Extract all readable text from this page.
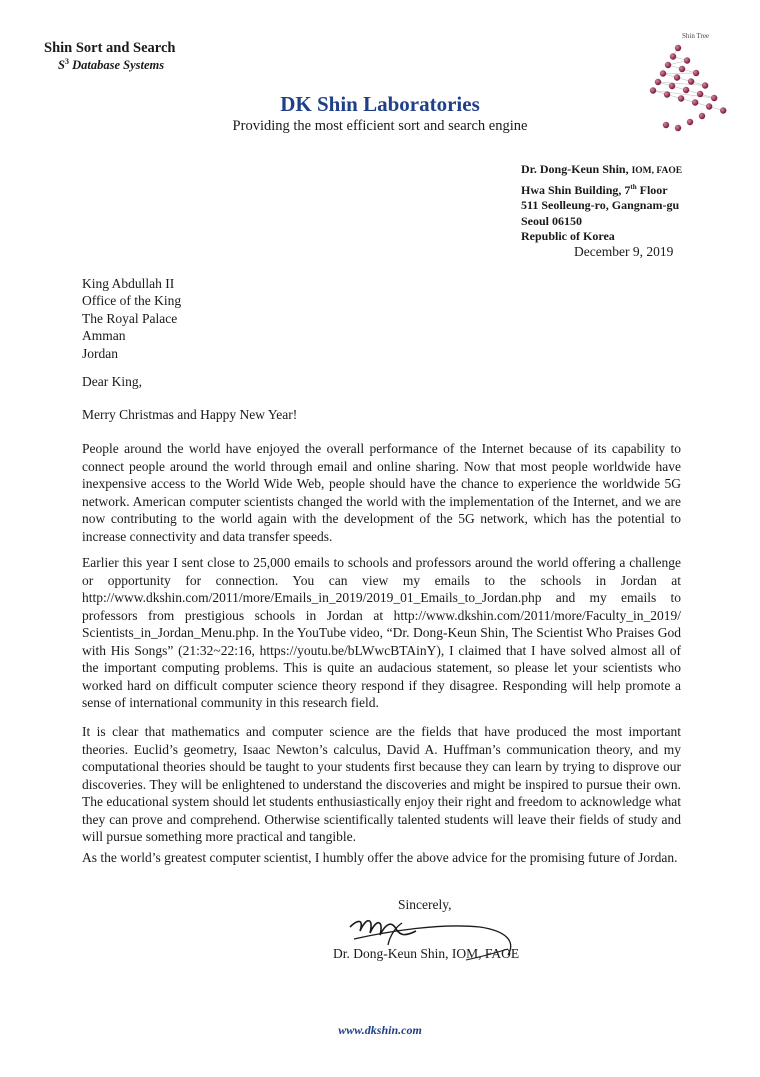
Shin Sort and Search
$S^3$ Database Systems
Shin Tree
DK Shin Laboratories
Providing the most efficient sort and search engine
Dr. Dong-Keun Shin, IOM, FAOE
Hwa Shin Building, 7th Floor
511 Seolleung-ro, Gangnam-gu
Seoul 06150
Republic of Korea
December 9, 2019
King Abdullah II
Office of the King
The Royal Palace
Amman
Jordan
Dear King,
Merry Christmas and Happy New Year!

People around the world have enjoyed the overall performance of the Internet because of its capability to connect people around the world through email and online sharing. Now that most people worldwide have inexpensive access to the World Wide Web, people should have the chance to experience the worldwide 5G network. American computer scientists changed the world with the implementation of the Internet, and we are now contributing to the world again with the development of the 5G network, which has the potential to increase connectivity and data transfer speeds.

Earlier this year I sent close to 25,000 emails to schools and professors around the world offering a challenge or opportunity for connection. You can view my emails to the schools in Jordan at http://www.dkshin.com/2011/more/Emails_in_2019/2019_01_Emails_to_Jordan.php and my emails to professors from prestigious schools in Jordan at http://www.dkshin.com/2011/more/Faculty_in_2019/ Scientists_in_Jordan_Menu.php. In the YouTube video, “Dr. Dong-Keun Shin, The Scientist Who Praises God with His Songs” (21:32~22:16, https://youtu.be/bLWwcBTAinY), I claimed that I have solved almost all of the important computing problems. This is quite an audacious statement, so please let your scientists who worked hard on difficult computer science theory respond if they disagree. Responding will help promote a sense of international community in this research field.

It is clear that mathematics and computer science are the fields that have produced the most important theories. Euclid’s geometry, Isaac Newton’s calculus, David A. Huffman’s communication theory, and my computational theories should be taught to your students first because they can learn by trying to disprove our discoveries. They will be enlightened to understand the discoveries and might be inspired to pursue their own. The educational system should let students enthusiastically enjoy their right and freedom to acknowledge what they can prove and comprehend. Otherwise scientifically talented students will leave their fields of study and will pursue something more practical and tangible.

As the world’s greatest computer scientist, I humbly offer the above advice for the promising future of Jordan.

Sincerely,
Dr. Dong-Keun Shin, IOM, FAOE
www.dkshin.com
